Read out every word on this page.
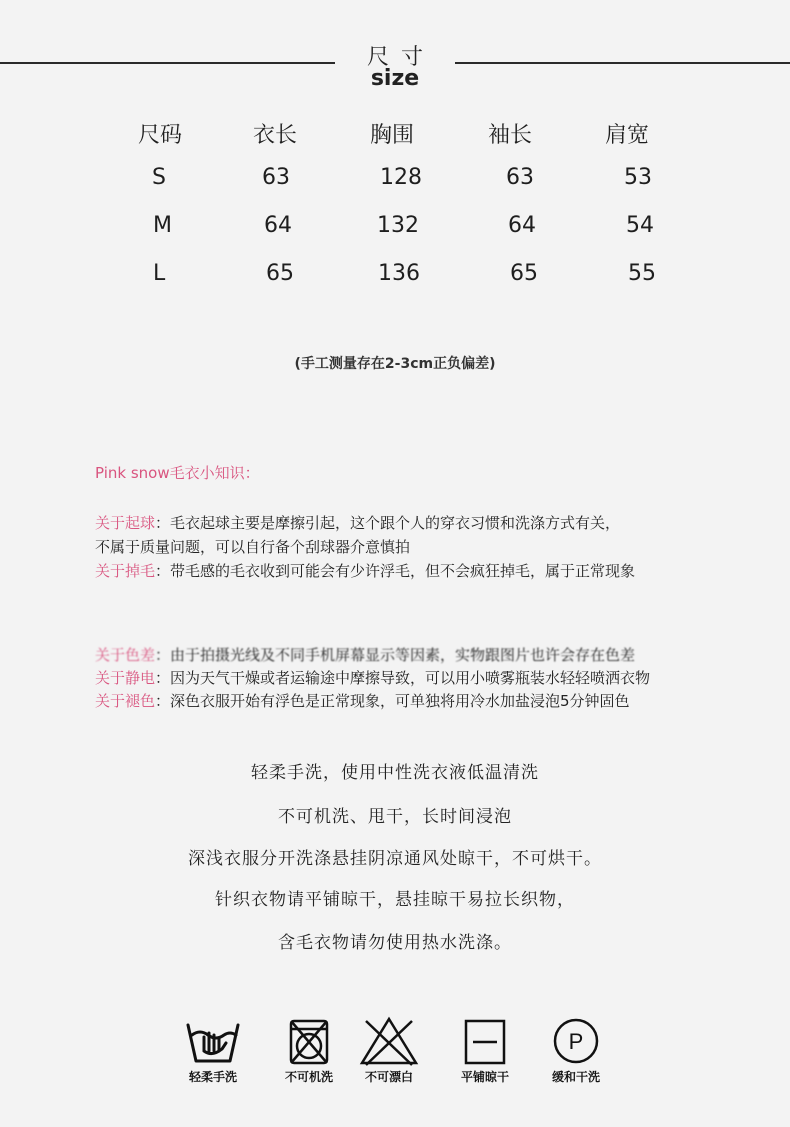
尺寸
size
尺码	衣长	胸围	袖长	肩宽
S	63	128	63	53
M	64	132	64	54
L	65	136	65	55
(手工测量存在2-3cm正负偏差)
Pink snow毛衣小知识：
关于起球：毛衣起球主要是摩擦引起，这个跟个人的穿衣习惯和洗涤方式有关，
不属于质量问题，可以自行备个刮球器介意慎拍
关于掉毛：带毛感的毛衣收到可能会有少许浮毛，但不会疯狂掉毛，属于正常现象
关于色差：由于拍摄光线及不同手机屏幕显示等因素，实物跟图片也许会存在色差
关于静电：因为天气干燥或者运输途中摩擦导致，可以用小喷雾瓶装水轻轻喷洒衣物
关于褪色：深色衣服开始有浮色是正常现象，可单独将用冷水加盐浸泡5分钟固色
轻柔手洗，使用中性洗衣液低温清洗
不可机洗、甩干，长时间浸泡
深浅衣服分开洗涤悬挂阴凉通风处晾干，不可烘干。
针织衣物请平铺晾干，悬挂晾干易拉长织物，
含毛衣物请勿使用热水洗涤。
轻柔手洗	不可机洗	不可漂白	平铺晾干
P
缓和干洗
